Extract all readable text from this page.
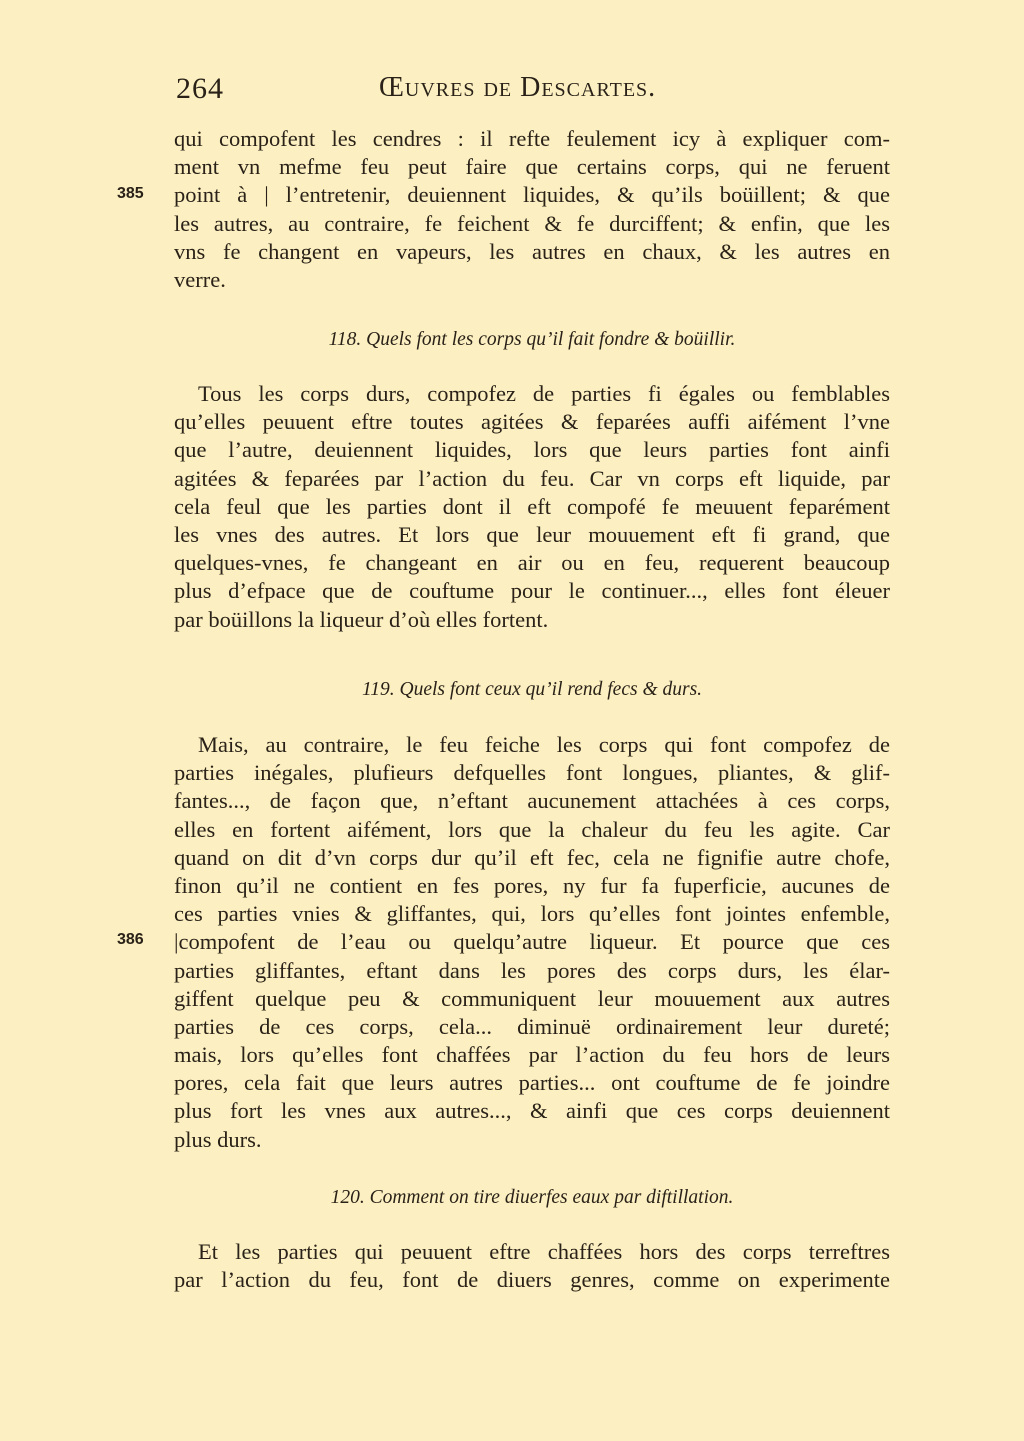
264	Œuvres de Descartes.
385
386
qui compofent les cendres : il refte feulement icy à expliquer com-
ment vn mefme feu peut faire que certains corps, qui ne feruent
point à | l’entretenir, deuiennent liquides, & qu’ils boüillent; & que
les autres, au contraire, fe feichent & fe durciffent; & enfin, que les
vns fe changent en vapeurs, les autres en chaux, & les autres en
verre.
118. Quels font les corps qu’il fait fondre & boüillir.
Tous les corps durs, compofez de parties fi égales ou femblables
qu’elles peuuent eftre toutes agitées & feparées auffi aifément l’vne
que l’autre, deuiennent liquides, lors que leurs parties font ainfi
agitées & feparées par l’action du feu. Car vn corps eft liquide, par
cela feul que les parties dont il eft compofé fe meuuent feparément
les vnes des autres. Et lors que leur mouuement eft fi grand, que
quelques-vnes, fe changeant en air ou en feu, requerent beaucoup
plus d’efpace que de couftume pour le continuer..., elles font éleuer
par boüillons la liqueur d’où elles fortent.
119. Quels font ceux qu’il rend fecs & durs.
Mais, au contraire, le feu feiche les corps qui font compofez de
parties inégales, plufieurs defquelles font longues, pliantes, & glif-
fantes..., de façon que, n’eftant aucunement attachées à ces corps,
elles en fortent aifément, lors que la chaleur du feu les agite. Car
quand on dit d’vn corps dur qu’il eft fec, cela ne fignifie autre chofe,
finon qu’il ne contient en fes pores, ny fur fa fuperficie, aucunes de
ces parties vnies & gliffantes, qui, lors qu’elles font jointes enfemble,
|compofent de l’eau ou quelqu’autre liqueur. Et pource que ces
parties gliffantes, eftant dans les pores des corps durs, les élar-
giffent quelque peu & communiquent leur mouuement aux autres
parties de ces corps, cela... diminuë ordinairement leur dureté;
mais, lors qu’elles font chaffées par l’action du feu hors de leurs
pores, cela fait que leurs autres parties... ont couftume de fe joindre
plus fort les vnes aux autres..., & ainfi que ces corps deuiennent
plus durs.
120. Comment on tire diuerfes eaux par diftillation.
Et les parties qui peuuent eftre chaffées hors des corps terreftres
par l’action du feu, font de diuers genres, comme on experimente
